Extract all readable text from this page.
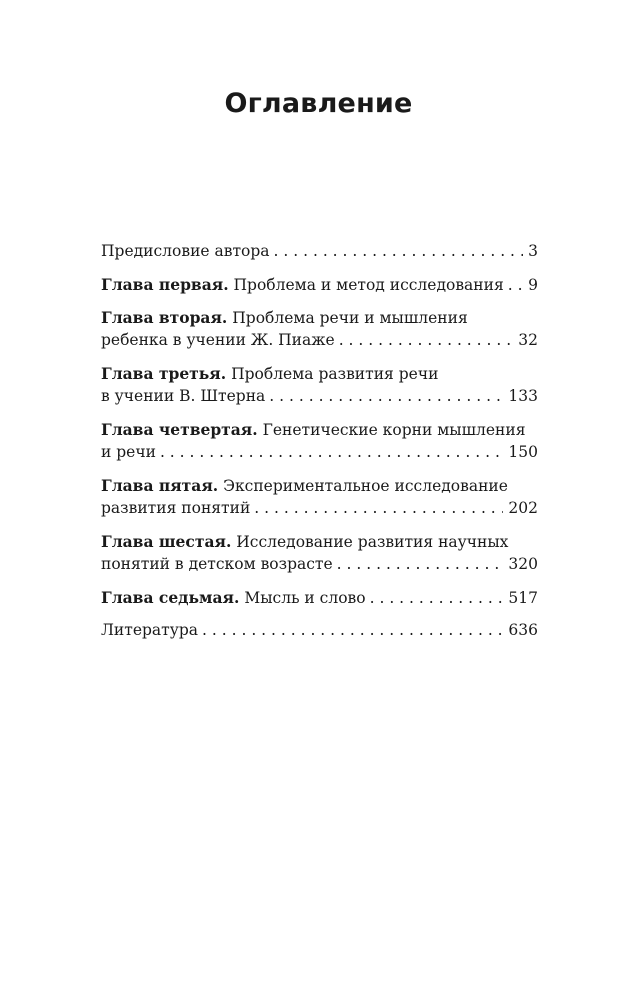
Оглавление
Предисловие автора . . .	3
Глава первая. Проблема и метод исследования . . . 9
Глава вторая. Проблема речи и мышления
ребенка в учении Ж. Пиаже . . .	32
Глава третья. Проблема развития речи
в учении В. Штерна . . .	133
Глава четвертая. Генетические корни мышления
и речи . . .	150
Глава пятая. Экспериментальное исследование
развития понятий . . .	202
Глава шестая. Исследование развития научных
понятий в детском возрасте . . .	320
Глава седьмая. Мысль и слово . . .	517
Литература . . .	636
